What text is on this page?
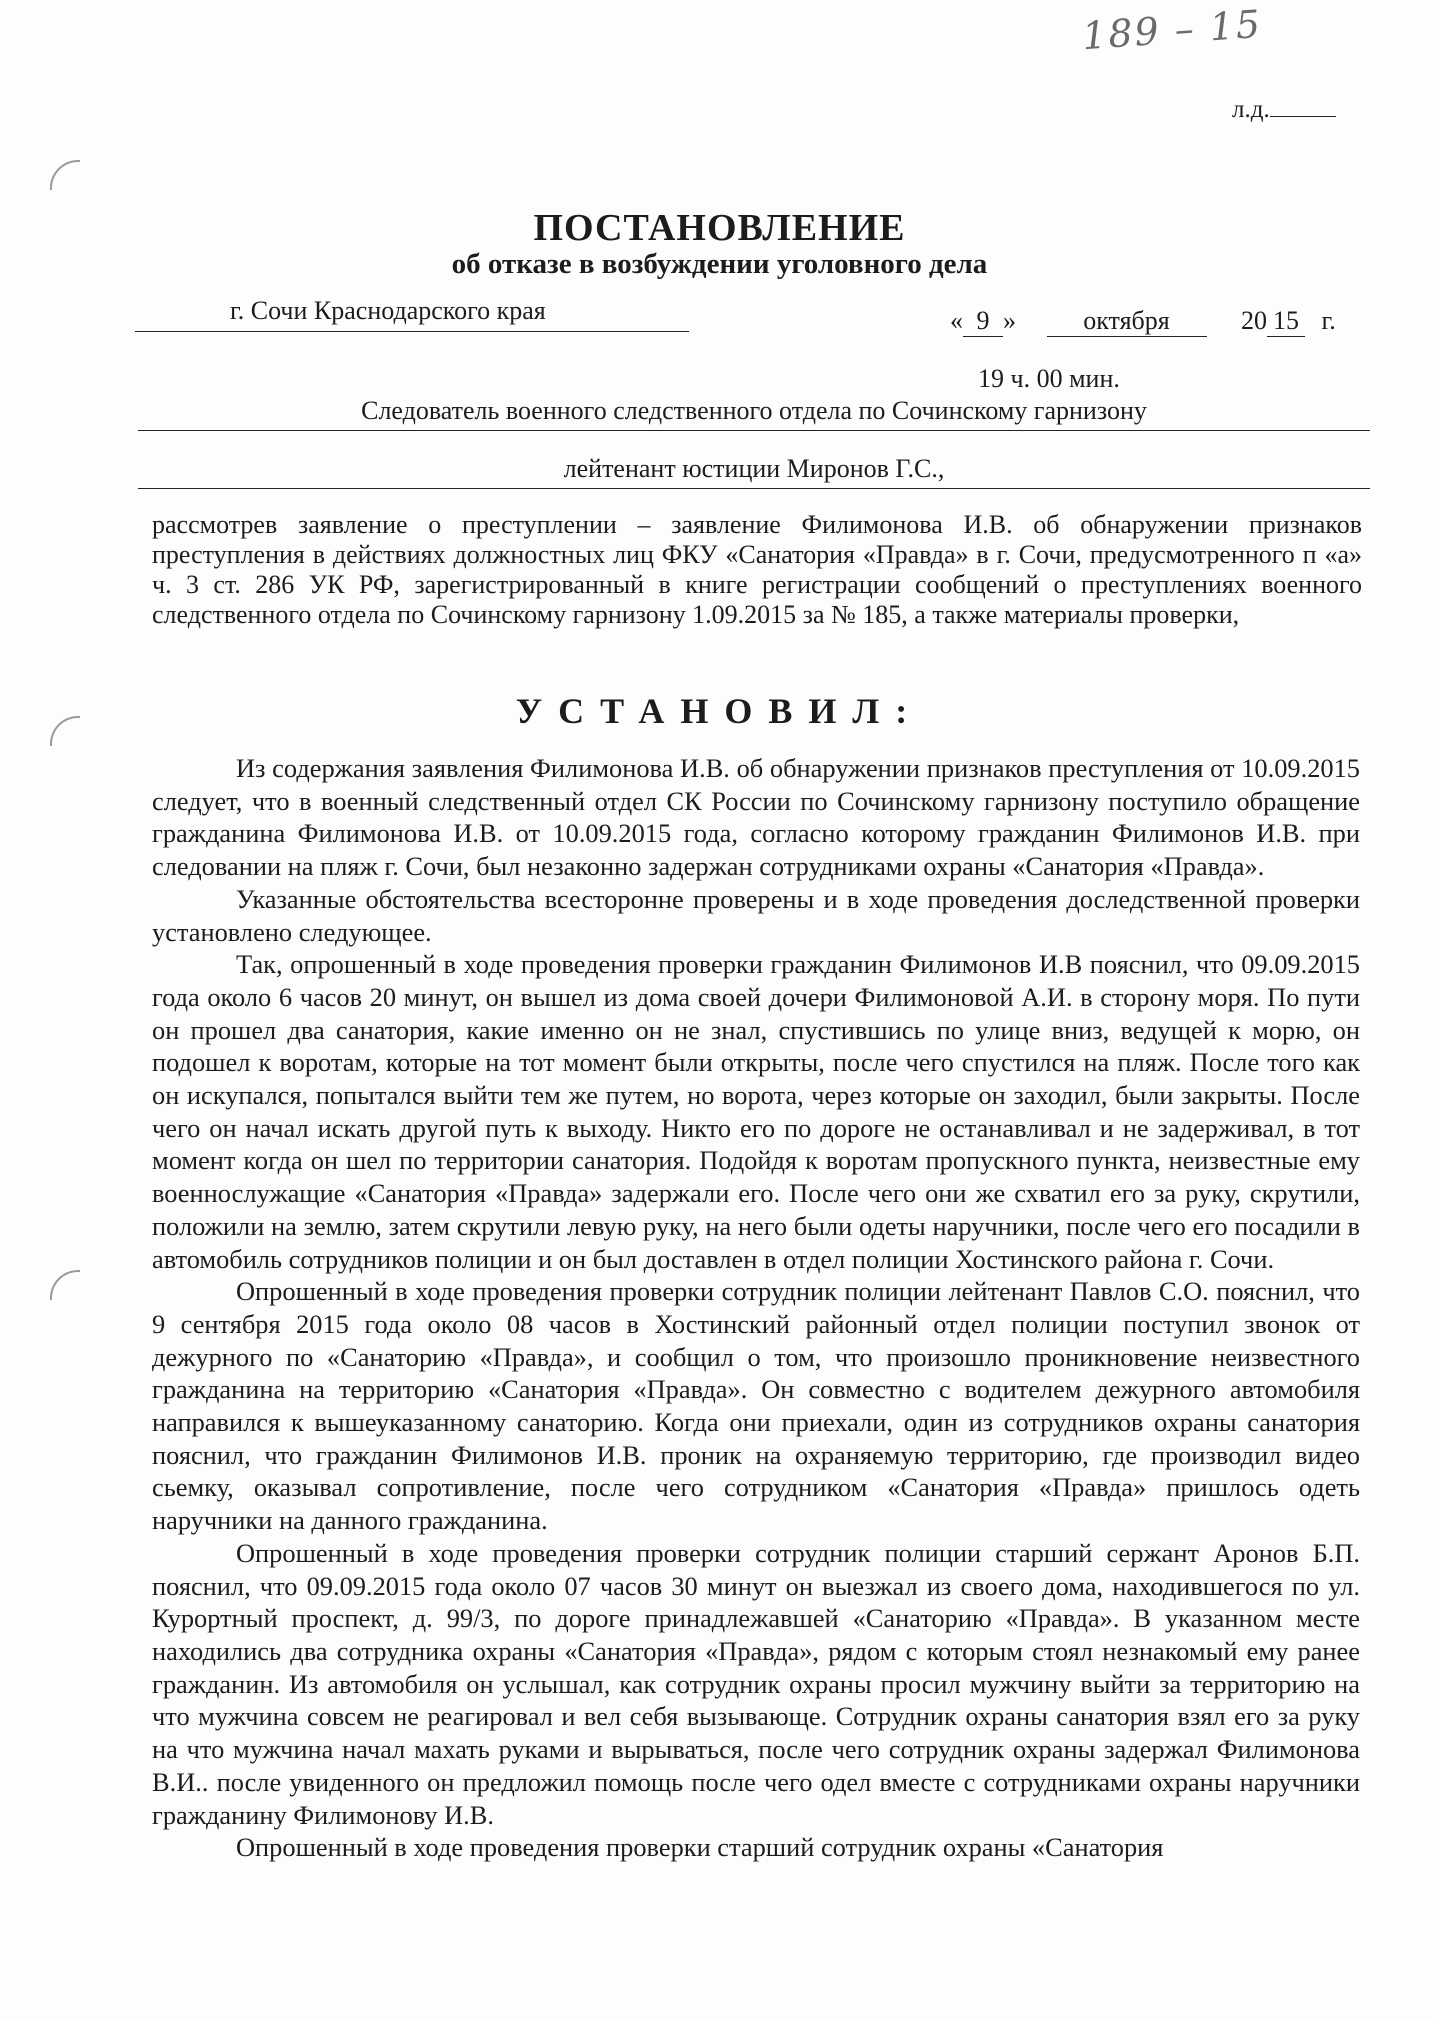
189 – 15
л.д.
ПОСТАНОВЛЕНИЕ
об отказе в возбуждении уголовного дела
г. Сочи Краснодарского края	« 9 »	октября	20 15 г.
19 ч. 00 мин.
Следователь военного следственного отдела по Сочинскому гарнизону
лейтенант юстиции Миронов Г.С.,
рассмотрев заявление о преступлении – заявление Филимонова И.В. об обнаружении признаков преступления в действиях должностных лиц ФКУ «Санатория «Правда» в г. Сочи, предусмотренного п «а» ч. 3 ст. 286 УК РФ, зарегистрированный в книге регистрации сообщений о преступлениях военного следственного отдела по Сочинскому гарнизону 1.09.2015 за № 185, а также материалы проверки,
УСТАНОВИЛ:

Из содержания заявления Филимонова И.В. об обнаружении признаков преступления от 10.09.2015 следует, что в военный следственный отдел СК России по Сочинскому гарнизону поступило обращение гражданина Филимонова И.В. от 10.09.2015 года, согласно которому гражданин Филимонов И.В. при следовании на пляж г. Сочи, был незаконно задержан сотрудниками охраны «Санатория «Правда».

Указанные обстоятельства всесторонне проверены и в ходе проведения доследственной проверки установлено следующее.

Так, опрошенный в ходе проведения проверки гражданин Филимонов И.В пояснил, что 09.09.2015 года около 6 часов 20 минут, он вышел из дома своей дочери Филимоновой А.И. в сторону моря. По пути он прошел два санатория, какие именно он не знал, спустившись по улице вниз, ведущей к морю, он подошел к воротам, которые на тот момент были открыты, после чего спустился на пляж. После того как он искупался, попытался выйти тем же путем, но ворота, через которые он заходил, были закрыты. После чего он начал искать другой путь к выходу. Никто его по дороге не останавливал и не задерживал, в тот момент когда он шел по территории санатория. Подойдя к воротам пропускного пункта, неизвестные ему военнослужащие «Санатория «Правда» задержали его. После чего они же схватил его за руку, скрутили, положили на землю, затем скрутили левую руку, на него были одеты наручники, после чего его посадили в автомобиль сотрудников полиции и он был доставлен в отдел полиции Хостинского района г. Сочи.

Опрошенный в ходе проведения проверки сотрудник полиции лейтенант Павлов С.О. пояснил, что 9 сентября 2015 года около 08 часов в Хостинский районный отдел полиции поступил звонок от дежурного по «Санаторию «Правда», и сообщил о том, что произошло проникновение неизвестного гражданина на территорию «Санатория «Правда». Он совместно с водителем дежурного автомобиля направился к вышеуказанному санаторию. Когда они приехали, один из сотрудников охраны санатория пояснил, что гражданин Филимонов И.В. проник на охраняемую территорию, где производил видео сьемку, оказывал сопротивление, после чего сотрудником «Санатория «Правда» пришлось одеть наручники на данного гражданина.

Опрошенный в ходе проведения проверки сотрудник полиции старший сержант Аронов Б.П. пояснил, что 09.09.2015 года около 07 часов 30 минут он выезжал из своего дома, находившегося по ул. Курортный проспект, д. 99/3, по дороге принадлежавшей «Санаторию «Правда». В указанном месте находились два сотрудника охраны «Санатория «Правда», рядом с которым стоял незнакомый ему ранее гражданин. Из автомобиля он услышал, как сотрудник охраны просил мужчину выйти за территорию на что мужчина совсем не реагировал и вел себя вызывающе. Сотрудник охраны санатория взял его за руку на что мужчина начал махать руками и вырываться, после чего сотрудник охраны задержал Филимонова В.И.. после увиденного он предложил помощь после чего одел вместе с сотрудниками охраны наручники гражданину Филимонову И.В.

Опрошенный в ходе проведения проверки старший сотрудник охраны «Санатория
